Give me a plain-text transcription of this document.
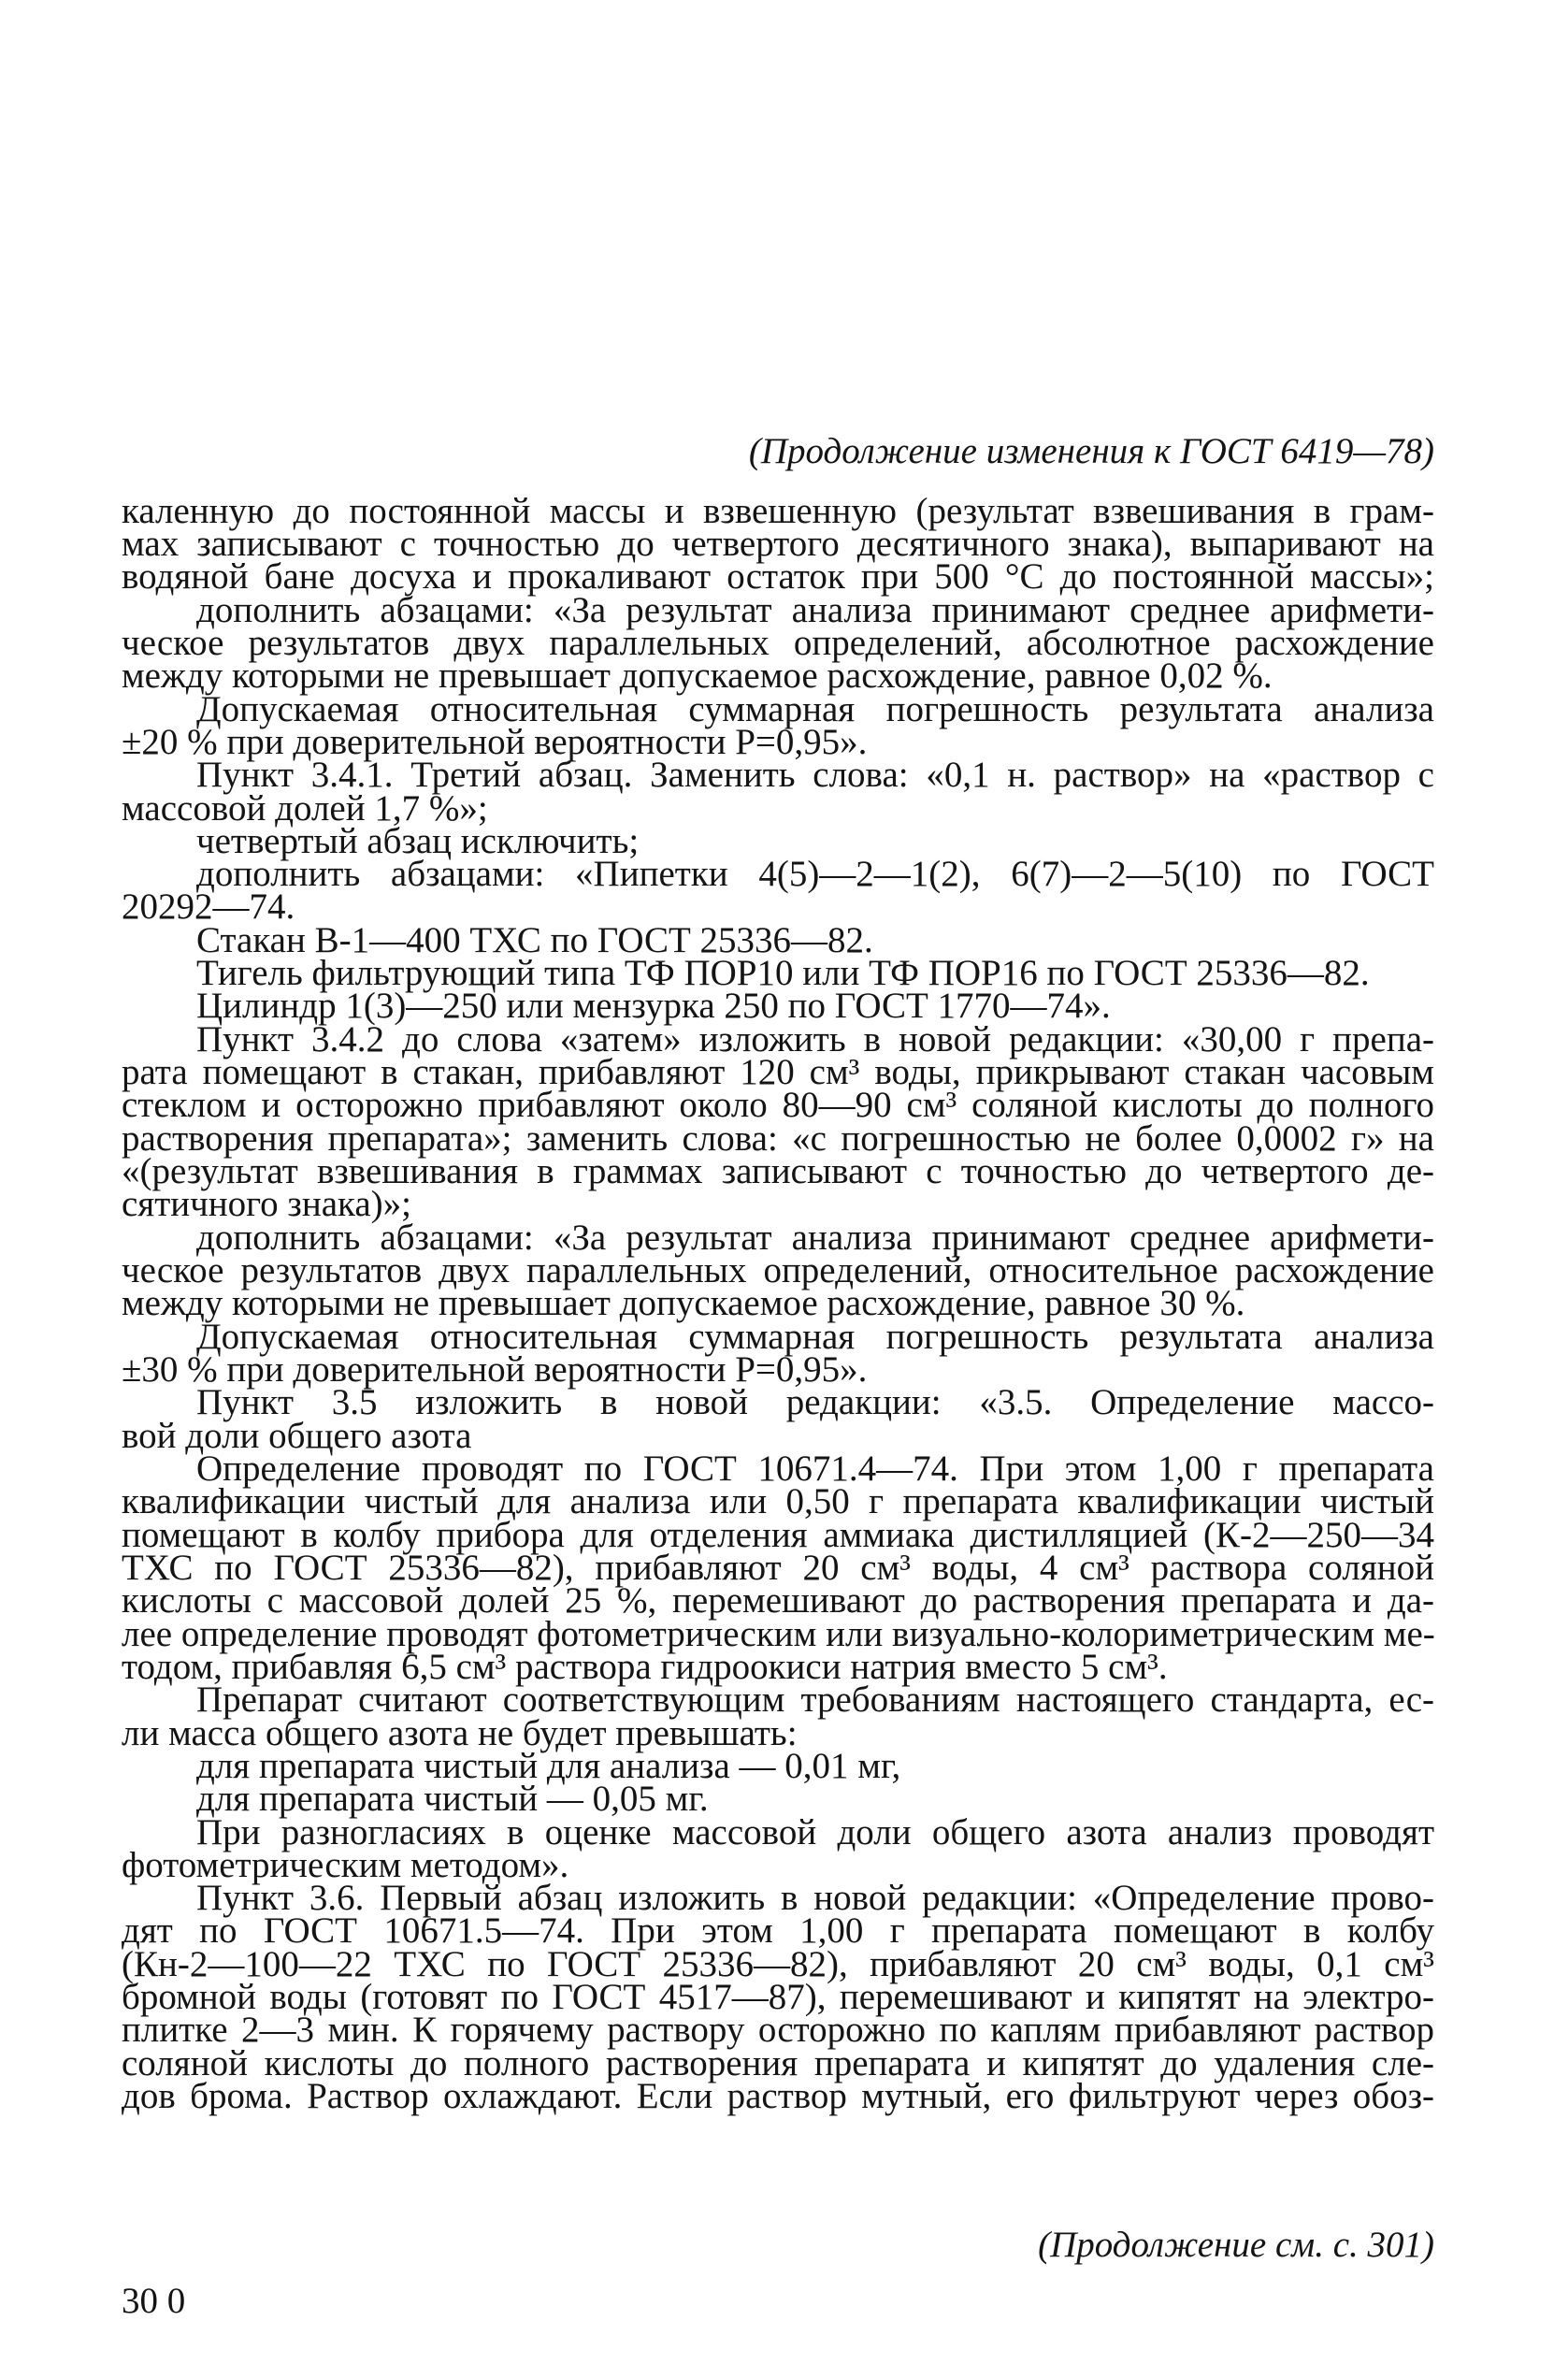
(Продолжение изменения к ГОСТ 6419—78)
каленную до постоянной массы и взвешенную (результат взвешивания в грам-
мах записывают с точностью до четвертого десятичного знака), выпаривают на
водяной бане досуха и прокаливают остаток при 500 °С до постоянной массы»;
дополнить абзацами: «За результат анализа принимают среднее арифмети-
ческое результатов двух параллельных определений, абсолютное расхождение
между которыми не превышает допускаемое расхождение, равное 0,02 %.
Допускаемая относительная суммарная погрешность результата анализа
±20 % при доверительной вероятности P=0,95».
Пункт 3.4.1. Третий абзац. Заменить слова: «0,1 н. раствор» на «раствор с
массовой долей 1,7 %»;
четвертый абзац исключить;
дополнить абзацами: «Пипетки 4(5)—2—1(2), 6(7)—2—5(10) по ГОСТ
20292—74.
Стакан В-1—400 ТХС по ГОСТ 25336—82.
Тигель фильтрующий типа ТФ ПОР10 или ТФ ПОР16 по ГОСТ 25336—82.
Цилиндр 1(3)—250 или мензурка 250 по ГОСТ 1770—74».
Пункт 3.4.2 до слова «затем» изложить в новой редакции: «30,00 г препа-
рата помещают в стакан, прибавляют 120 см³ воды, прикрывают стакан часовым
стеклом и осторожно прибавляют около 80—90 см³ соляной кислоты до полного
растворения препарата»; заменить слова: «с погрешностью не более 0,0002 г» на
«(результат взвешивания в граммах записывают с точностью до четвертого де-
сятичного знака)»;
дополнить абзацами: «За результат анализа принимают среднее арифмети-
ческое результатов двух параллельных определений, относительное расхождение
между которыми не превышает допускаемое расхождение, равное 30 %.
Допускаемая относительная суммарная погрешность результата анализа
±30 % при доверительной вероятности P=0,95».
Пункт 3.5 изложить в новой редакции: «3.5. Определение массо-
вой доли общего азота
Определение проводят по ГОСТ 10671.4—74. При этом 1,00 г препарата
квалификации чистый для анализа или 0,50 г препарата квалификации чистый
помещают в колбу прибора для отделения аммиака дистилляцией (К-2—250—34
ТХС по ГОСТ 25336—82), прибавляют 20 см³ воды, 4 см³ раствора соляной
кислоты с массовой долей 25 %, перемешивают до растворения препарата и да-
лее определение проводят фотометрическим или визуально-колориметрическим ме-
тодом, прибавляя 6,5 см³ раствора гидроокиси натрия вместо 5 см³.
Препарат считают соответствующим требованиям настоящего стандарта, ес-
ли масса общего азота не будет превышать:
для препарата чистый для анализа — 0,01 мг,
для препарата чистый — 0,05 мг.
При разногласиях в оценке массовой доли общего азота анализ проводят
фотометрическим методом».
Пункт 3.6. Первый абзац изложить в новой редакции: «Определение прово-
дят по ГОСТ 10671.5—74. При этом 1,00 г препарата помещают в колбу
(Кн-2—100—22 ТХС по ГОСТ 25336—82), прибавляют 20 см³ воды, 0,1 см³
бромной воды (готовят по ГОСТ 4517—87), перемешивают и кипятят на электро-
плитке 2—3 мин. К горячему раствору осторожно по каплям прибавляют раствор
соляной кислоты до полного растворения препарата и кипятят до удаления сле-
дов брома. Раствор охлаждают. Если раствор мутный, его фильтруют через обоз-
(Продолжение см. с. 301)
30 0
